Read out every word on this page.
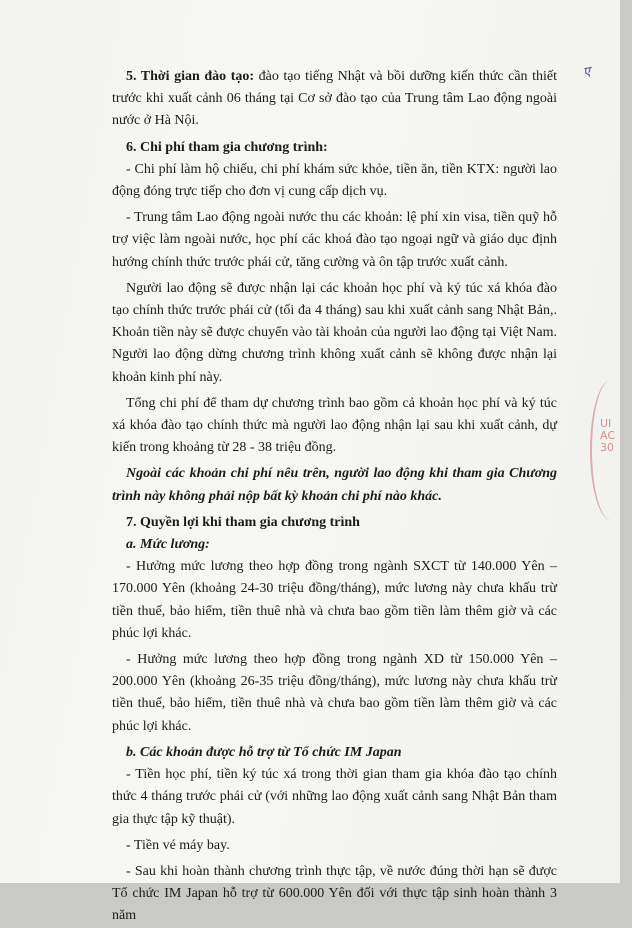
ए
UI
AC
30

5. Thời gian đào tạo: đào tạo tiếng Nhật và bồi dưỡng kiến thức cần thiết trước khi xuất cảnh 06 tháng tại Cơ sở đào tạo của Trung tâm Lao động ngoài nước ở Hà Nội.

6. Chi phí tham gia chương trình:

- Chi phí làm hộ chiếu, chi phí khám sức khỏe, tiền ăn, tiền KTX: người lao động đóng trực tiếp cho đơn vị cung cấp dịch vụ.

- Trung tâm Lao động ngoài nước thu các khoản: lệ phí xin visa, tiền quỹ hỗ trợ việc làm ngoài nước, học phí các khoá đào tạo ngoại ngữ và giáo dục định hướng chính thức trước phái cử, tăng cường và ôn tập trước xuất cảnh.

Người lao động sẽ được nhận lại các khoản học phí và ký túc xá khóa đào tạo chính thức trước phái cử (tối đa 4 tháng) sau khi xuất cảnh sang Nhật Bản,. Khoản tiền này sẽ được chuyển vào tài khoản của người lao động tại Việt Nam. Người lao động dừng chương trình không xuất cảnh sẽ không được nhận lại khoản kinh phí này.

Tổng chi phí để tham dự chương trình bao gồm cả khoản học phí và ký túc xá khóa đào tạo chính thức mà người lao động nhận lại sau khi xuất cảnh, dự kiến trong khoảng từ 28 - 38 triệu đồng.

Ngoài các khoản chi phí nêu trên, người lao động khi tham gia Chương trình này không phải nộp bất kỳ khoản chi phí nào khác.

7. Quyền lợi khi tham gia chương trình

a. Mức lương:

- Hưởng mức lương theo hợp đồng trong ngành SXCT từ 140.000 Yên – 170.000 Yên (khoảng 24-30 triệu đồng/tháng), mức lương này chưa khấu trừ tiền thuế, bảo hiểm, tiền thuê nhà và chưa bao gồm tiền làm thêm giờ và các phúc lợi khác.

- Hưởng mức lương theo hợp đồng trong ngành XD từ 150.000 Yên – 200.000 Yên (khoảng 26-35 triệu đồng/tháng), mức lương này chưa khấu trừ tiền thuế, bảo hiểm, tiền thuê nhà và chưa bao gồm tiền làm thêm giờ và các phúc lợi khác.

b. Các khoản được hỗ trợ từ Tổ chức IM Japan

- Tiền học phí, tiền ký túc xá trong thời gian tham gia khóa đào tạo chính thức 4 tháng trước phái cử (với những lao động xuất cảnh sang Nhật Bản tham gia thực tập kỹ thuật).

- Tiền vé máy bay.

- Sau khi hoàn thành chương trình thực tập, về nước đúng thời hạn sẽ được Tổ chức IM Japan hỗ trợ từ 600.000 Yên đối với thực tập sinh hoàn thành 3 năm
